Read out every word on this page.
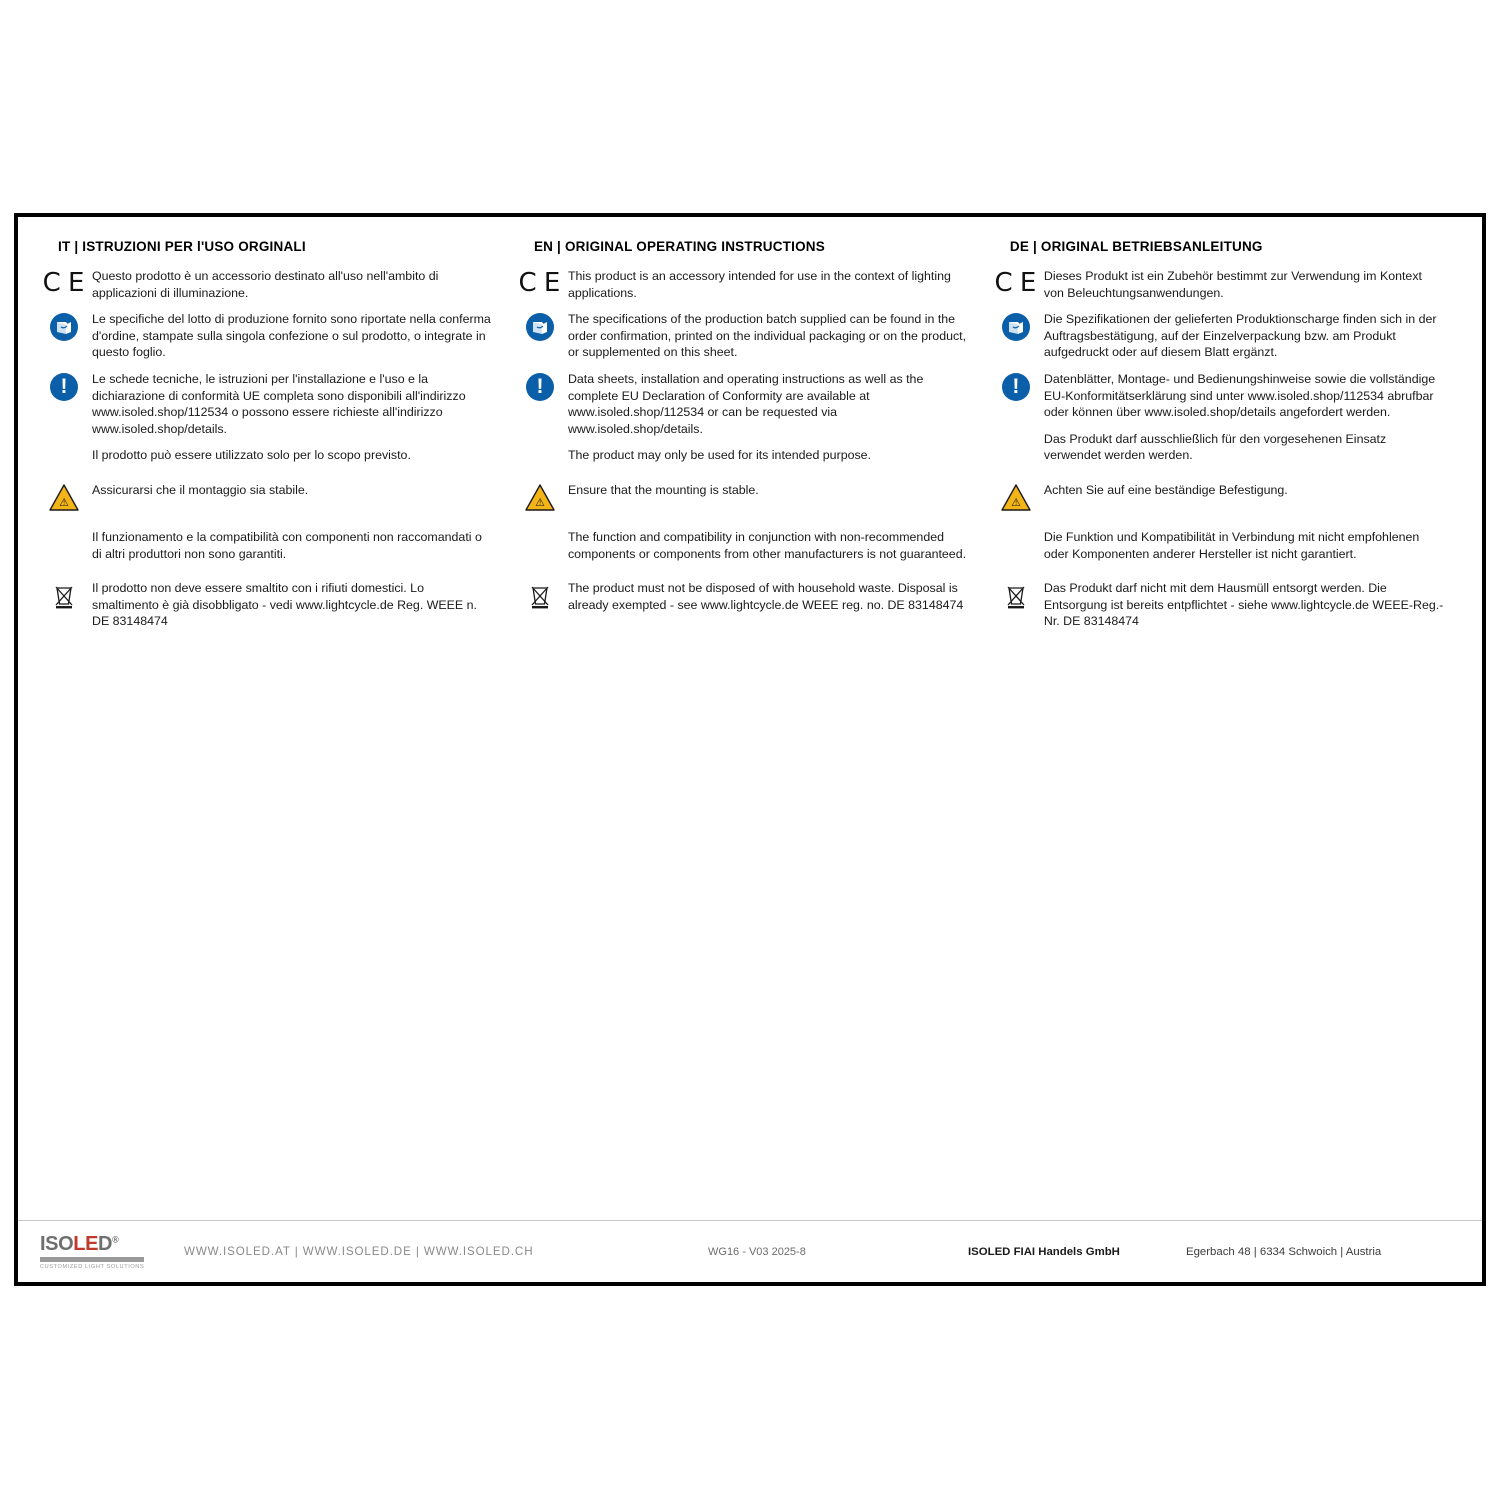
IT | ISTRUZIONI PER l'USO ORGINALI
C E Questo prodotto è un accessorio destinato all'uso nell'ambito di applicazioni di illuminazione.
Le specifiche del lotto di produzione fornito sono riportate nella conferma d'ordine, stampate sulla singola confezione o sul prodotto, o integrate in questo foglio.
!	Le schede tecniche, le istruzioni per l'installazione e l'uso e la dichiarazione di conformità UE completa sono disponibili all'indirizzo www.isoled.shop/112534 o possono essere richieste all'indirizzo www.isoled.shop/details.
Il prodotto può essere utilizzato solo per lo scopo previsto.
⚠
Assicurarsi che il montaggio sia stabile.
Il funzionamento e la compatibilità con componenti non raccomandati o di altri produttori non sono garantiti.
Il prodotto non deve essere smaltito con i rifiuti domestici. Lo smaltimento è già disobbligato - vedi www.lightcycle.de Reg. WEEE n. DE 83148474
EN | ORIGINAL OPERATING INSTRUCTIONS
C E This product is an accessory intended for use in the context of lighting applications.
The specifications of the production batch supplied can be found in the order confirmation, printed on the individual packaging or on the product, or supplemented on this sheet.
!	Data sheets, installation and operating instructions as well as the complete EU Declaration of Conformity are available at www.isoled.shop/112534 or can be requested via www.isoled.shop/details.
The product may only be used for its intended purpose.
⚠
Ensure that the mounting is stable.
The function and compatibility in conjunction with non-recommended components or components from other manufacturers is not guaranteed.
The product must not be disposed of with household waste. Disposal is already exempted - see www.lightcycle.de WEEE reg. no. DE 83148474
DE | ORIGINAL BETRIEBSANLEITUNG
C E Dieses Produkt ist ein Zubehör bestimmt zur Verwendung im Kontext von Beleuchtungsanwendungen.
Die Spezifikationen der gelieferten Produktionscharge finden sich in der Auftragsbestätigung, auf der Einzelverpackung bzw. am Produkt aufgedruckt oder auf diesem Blatt ergänzt.
!	Datenblätter, Montage- und Bedienungshinweise sowie die vollständige EU-Konformitätserklärung sind unter www.isoled.shop/112534 abrufbar oder können über www.isoled.shop/details angefordert werden.
Das Produkt darf ausschließlich für den vorgesehenen Einsatz verwendet werden werden.
⚠
Achten Sie auf eine beständige Befestigung.
Die Funktion und Kompatibilität in Verbindung mit nicht empfohlenen oder Komponenten anderer Hersteller ist nicht garantiert.
Das Produkt darf nicht mit dem Hausmüll entsorgt werden. Die Entsorgung ist bereits entpflichtet - siehe www.lightcycle.de WEEE-Reg.-Nr. DE 83148474
ISOLED®
CUSTOMIZED LIGHT SOLUTIONS
WWW.ISOLED.AT | WWW.ISOLED.DE | WWW.ISOLED.CH	WG16 - V03 2025-8	ISOLED FIAI Handels GmbH	Egerbach 48 | 6334 Schwoich | Austria
